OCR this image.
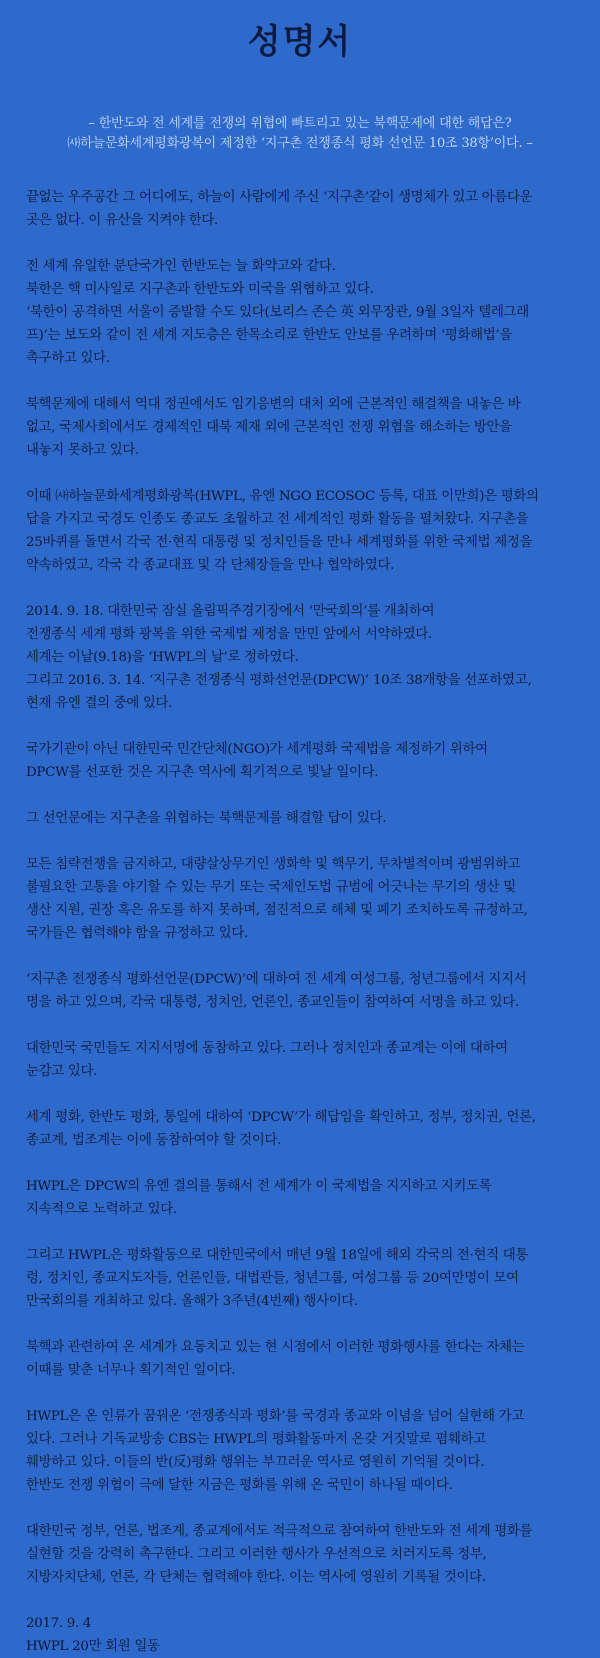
성명서
– 한반도와 전 세계를 전쟁의 위협에 빠트리고 있는 북핵문제에 대한 해답은?
㈔하늘문화세계평화광복이 제정한 ‘지구촌 전쟁종식 평화 선언문 10조 38항’이다. –
끝없는 우주공간 그 어디에도, 하늘이 사람에게 주신 ‘지구촌’같이 생명체가 있고 아름다운
곳은 없다. 이 유산을 지켜야 한다.
전 세계 유일한 분단국가인 한반도는 늘 화약고와 같다.
북한은 핵 미사일로 지구촌과 한반도와 미국을 위협하고 있다.
‘북한이 공격하면 서울이 증발할 수도 있다(보리스 존슨 英 외무장관, 9월 3일자 텔레그래
프)’는 보도와 같이 전 세계 지도층은 한목소리로 한반도 안보를 우려하며 ‘평화해법’을
촉구하고 있다.
북핵문제에 대해서 역대 정권에서도 임기응변의 대처 외에 근본적인 해결책을 내놓은 바
없고, 국제사회에서도 경제적인 대북 제재 외에 근본적인 전쟁 위협을 해소하는 방안을
내놓지 못하고 있다.
이때 ㈔하늘문화세계평화광복(HWPL, 유엔 NGO ECOSOC 등록, 대표 이만희)은 평화의
답을 가지고 국경도 인종도 종교도 초월하고 전 세계적인 평화 활동을 펼쳐왔다. 지구촌을
25바퀴를 돌면서 각국 전·현직 대통령 및 정치인들을 만나 세계평화를 위한 국제법 제정을
약속하였고, 각국 각 종교대표 및 각 단체장들을 만나 협약하였다.
2014. 9. 18. 대한민국 잠실 올림픽주경기장에서 ‘만국회의’를 개최하여
전쟁종식 세계 평화 광복을 위한 국제법 제정을 만민 앞에서 서약하였다.
세계는 이날(9.18)을 ‘HWPL의 날’로 정하였다.
그리고 2016. 3. 14. ‘지구촌 전쟁종식 평화선언문(DPCW)’ 10조 38개항을 선포하였고,
현재 유엔 결의 중에 있다.
국가기관이 아닌 대한민국 민간단체(NGO)가 세계평화 국제법을 제정하기 위하여
DPCW를 선포한 것은 지구촌 역사에 획기적으로 빛날 일이다.
그 선언문에는 지구촌을 위협하는 북핵문제를 해결할 답이 있다.
모든 침략전쟁을 금지하고, 대량살상무기인 생화학 및 핵무기, 무차별적이며 광범위하고
불필요한 고통을 야기할 수 있는 무기 또는 국제인도법 규범에 어긋나는 무기의 생산 및
생산 지원, 권장 혹은 유도를 하지 못하며, 점진적으로 해체 및 폐기 조치하도록 규정하고,
국가들은 협력해야 함을 규정하고 있다.
‘지구촌 전쟁종식 평화선언문(DPCW)’에 대하여 전 세계 여성그룹, 청년그룹에서 지지서
명을 하고 있으며, 각국 대통령, 정치인, 언론인, 종교인들이 참여하여 서명을 하고 있다.
대한민국 국민들도 지지서명에 동참하고 있다. 그러나 정치인과 종교계는 이에 대하여
눈감고 있다.
세계 평화, 한반도 평화, 통일에 대하여 ‘DPCW’가 해답임을 확인하고, 정부, 정치권, 언론,
종교계, 법조계는 이에 동참하여야 할 것이다.
HWPL은 DPCW의 유엔 결의를 통해서 전 세계가 이 국제법을 지지하고 지키도록
지속적으로 노력하고 있다.
그리고 HWPL은 평화활동으로 대한민국에서 매년 9월 18일에 해외 각국의 전·현직 대통
령, 정치인, 종교지도자들, 언론인들, 대법관들, 청년그룹, 여성그룹 등 20여만명이 모여
만국회의를 개최하고 있다. 올해가 3주년(4번째) 행사이다.
북핵과 관련하여 온 세계가 요동치고 있는 현 시점에서 이러한 평화행사를 한다는 자체는
이때를 맞춘 너무나 획기적인 일이다.
HWPL은 온 인류가 꿈꿔온 ‘전쟁종식과 평화’를 국경과 종교와 이념을 넘어 실현해 가고
있다. 그러나 기독교방송 CBS는 HWPL의 평화활동마저 온갖 거짓말로 폄훼하고
훼방하고 있다. 이들의 반(反)평화 행위는 부끄러운 역사로 영원히 기억될 것이다.
한반도 전쟁 위협이 극에 달한 지금은 평화를 위해 온 국민이 하나될 때이다.
대한민국 정부, 언론, 법조계, 종교계에서도 적극적으로 참여하여 한반도와 전 세계 평화를
실현할 것을 강력히 촉구한다. 그리고 이러한 행사가 우선적으로 치러지도록 정부,
지방자치단체, 언론, 각 단체는 협력해야 한다. 이는 역사에 영원히 기록될 것이다.
2017. 9. 4
HWPL 20만 회원 일동
